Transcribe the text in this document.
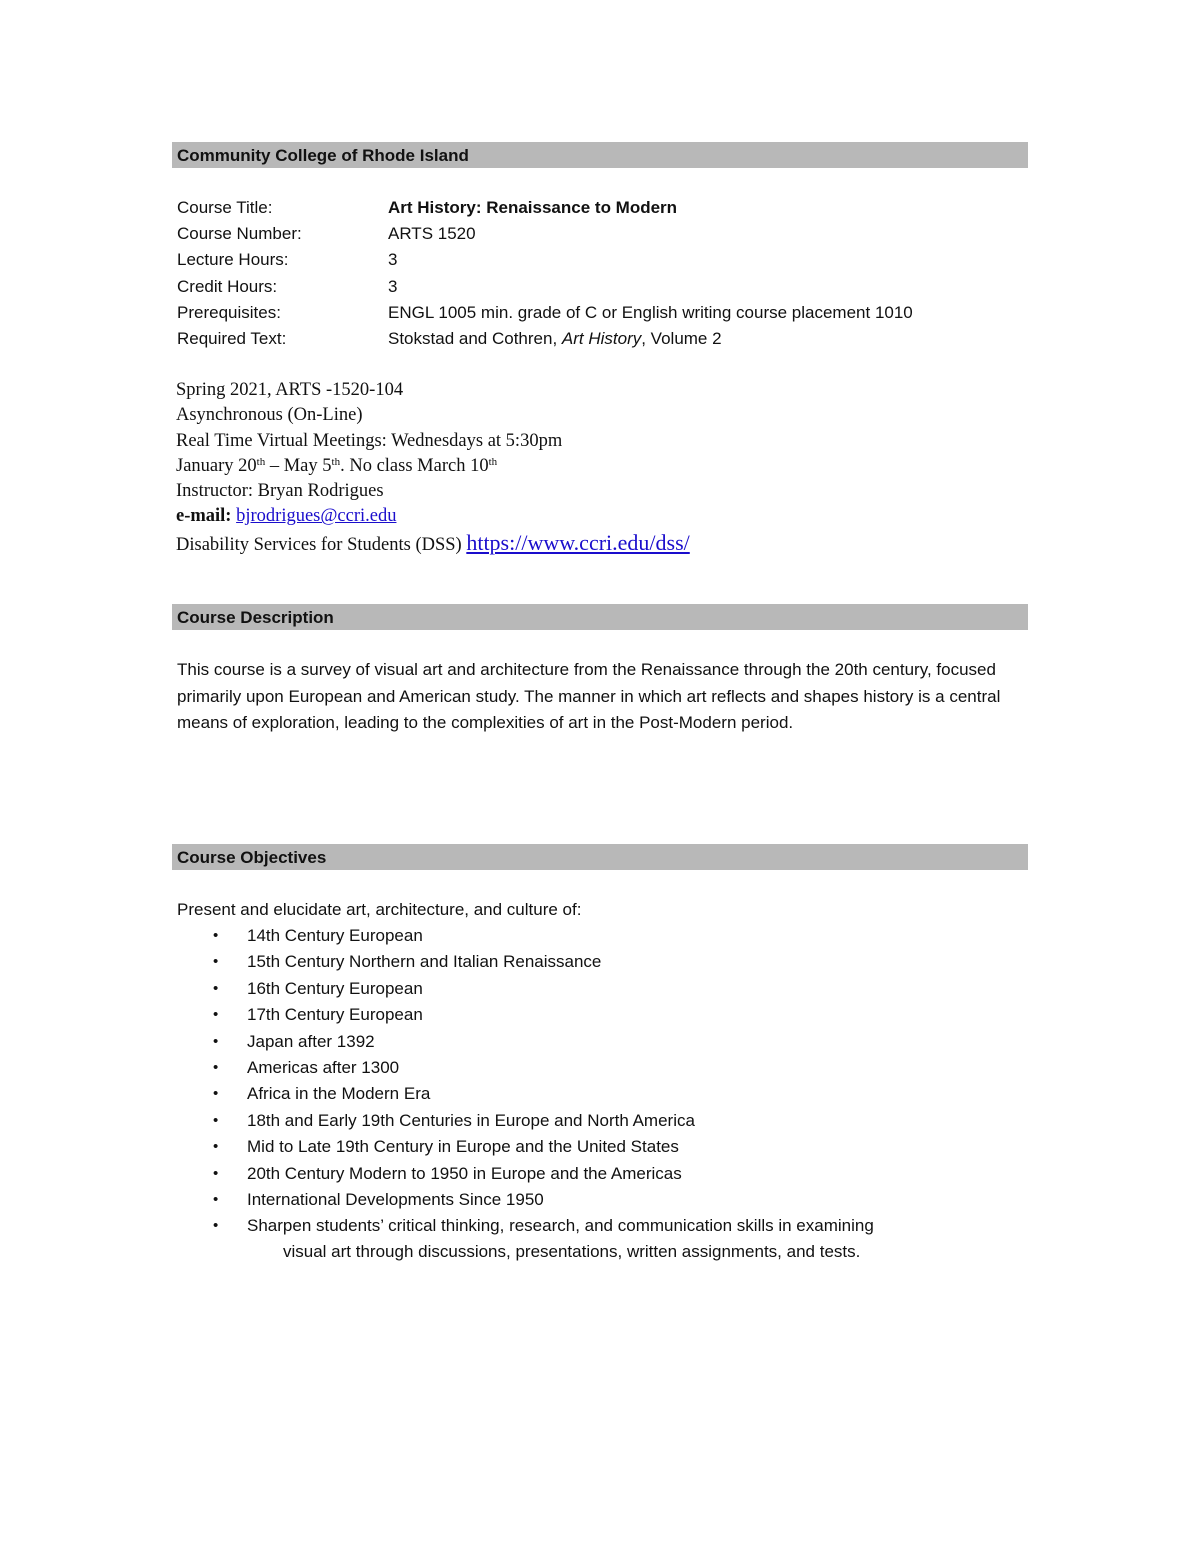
Community College of Rhode Island
Course Title:	Art History: Renaissance to Modern
Course Number:	ARTS 1520
Lecture Hours:	3
Credit Hours:	3
Prerequisites:	ENGL 1005 min. grade of C or English writing course placement 1010
Required Text:	Stokstad and Cothren, Art History, Volume 2
Spring 2021, ARTS -1520-104
Asynchronous (On-Line)
Real Time Virtual Meetings: Wednesdays at 5:30pm
January 20th – May 5th. No class March 10th
Instructor: Bryan Rodrigues
e-mail: bjrodrigues@ccri.edu
Disability Services for Students (DSS) https://www.ccri.edu/dss/
Course Description

This course is a survey of visual art and architecture from the Renaissance through the 20th century, focused primarily upon European and American study. The manner in which art reflects and shapes history is a central means of exploration, leading to the complexities of art in the Post-Modern period.

Course Objectives
Present and elucidate art, architecture, and culture of:
• 14th Century European
• 15th Century Northern and Italian Renaissance
• 16th Century European
• 17th Century European
• Japan after 1392
• Americas after 1300
• Africa in the Modern Era
• 18th and Early 19th Centuries in Europe and North America
• Mid to Late 19th Century in Europe and the United States
• 20th Century Modern to 1950 in Europe and the Americas
• International Developments Since 1950
• Sharpen students’ critical thinking, research, and communication skills in examining
visual art through discussions, presentations, written assignments, and tests.
